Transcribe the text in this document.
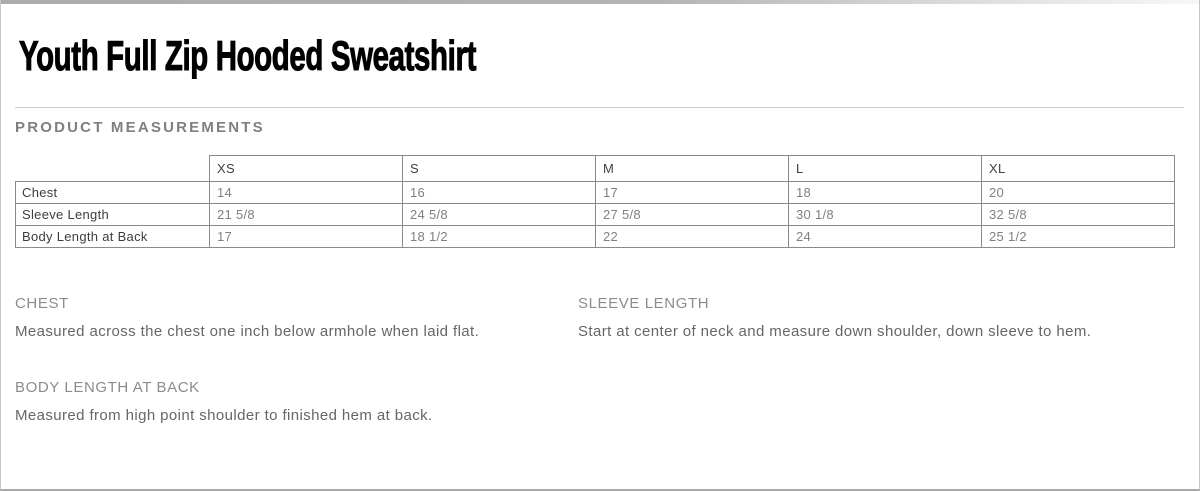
Youth Full Zip Hooded Sweatshirt
PRODUCT MEASUREMENTS
	XS	S	M	L	XL
Chest	14	16	17	18	20
Sleeve Length	21 5/8	24 5/8	27 5/8	30 1/8	32 5/8
Body Length at Back	17	18 1/2	22	24	25 1/2
CHEST
Measured across the chest one inch below armhole when laid flat.
SLEEVE LENGTH
Start at center of neck and measure down shoulder, down sleeve to hem.
BODY LENGTH AT BACK
Measured from high point shoulder to finished hem at back.
